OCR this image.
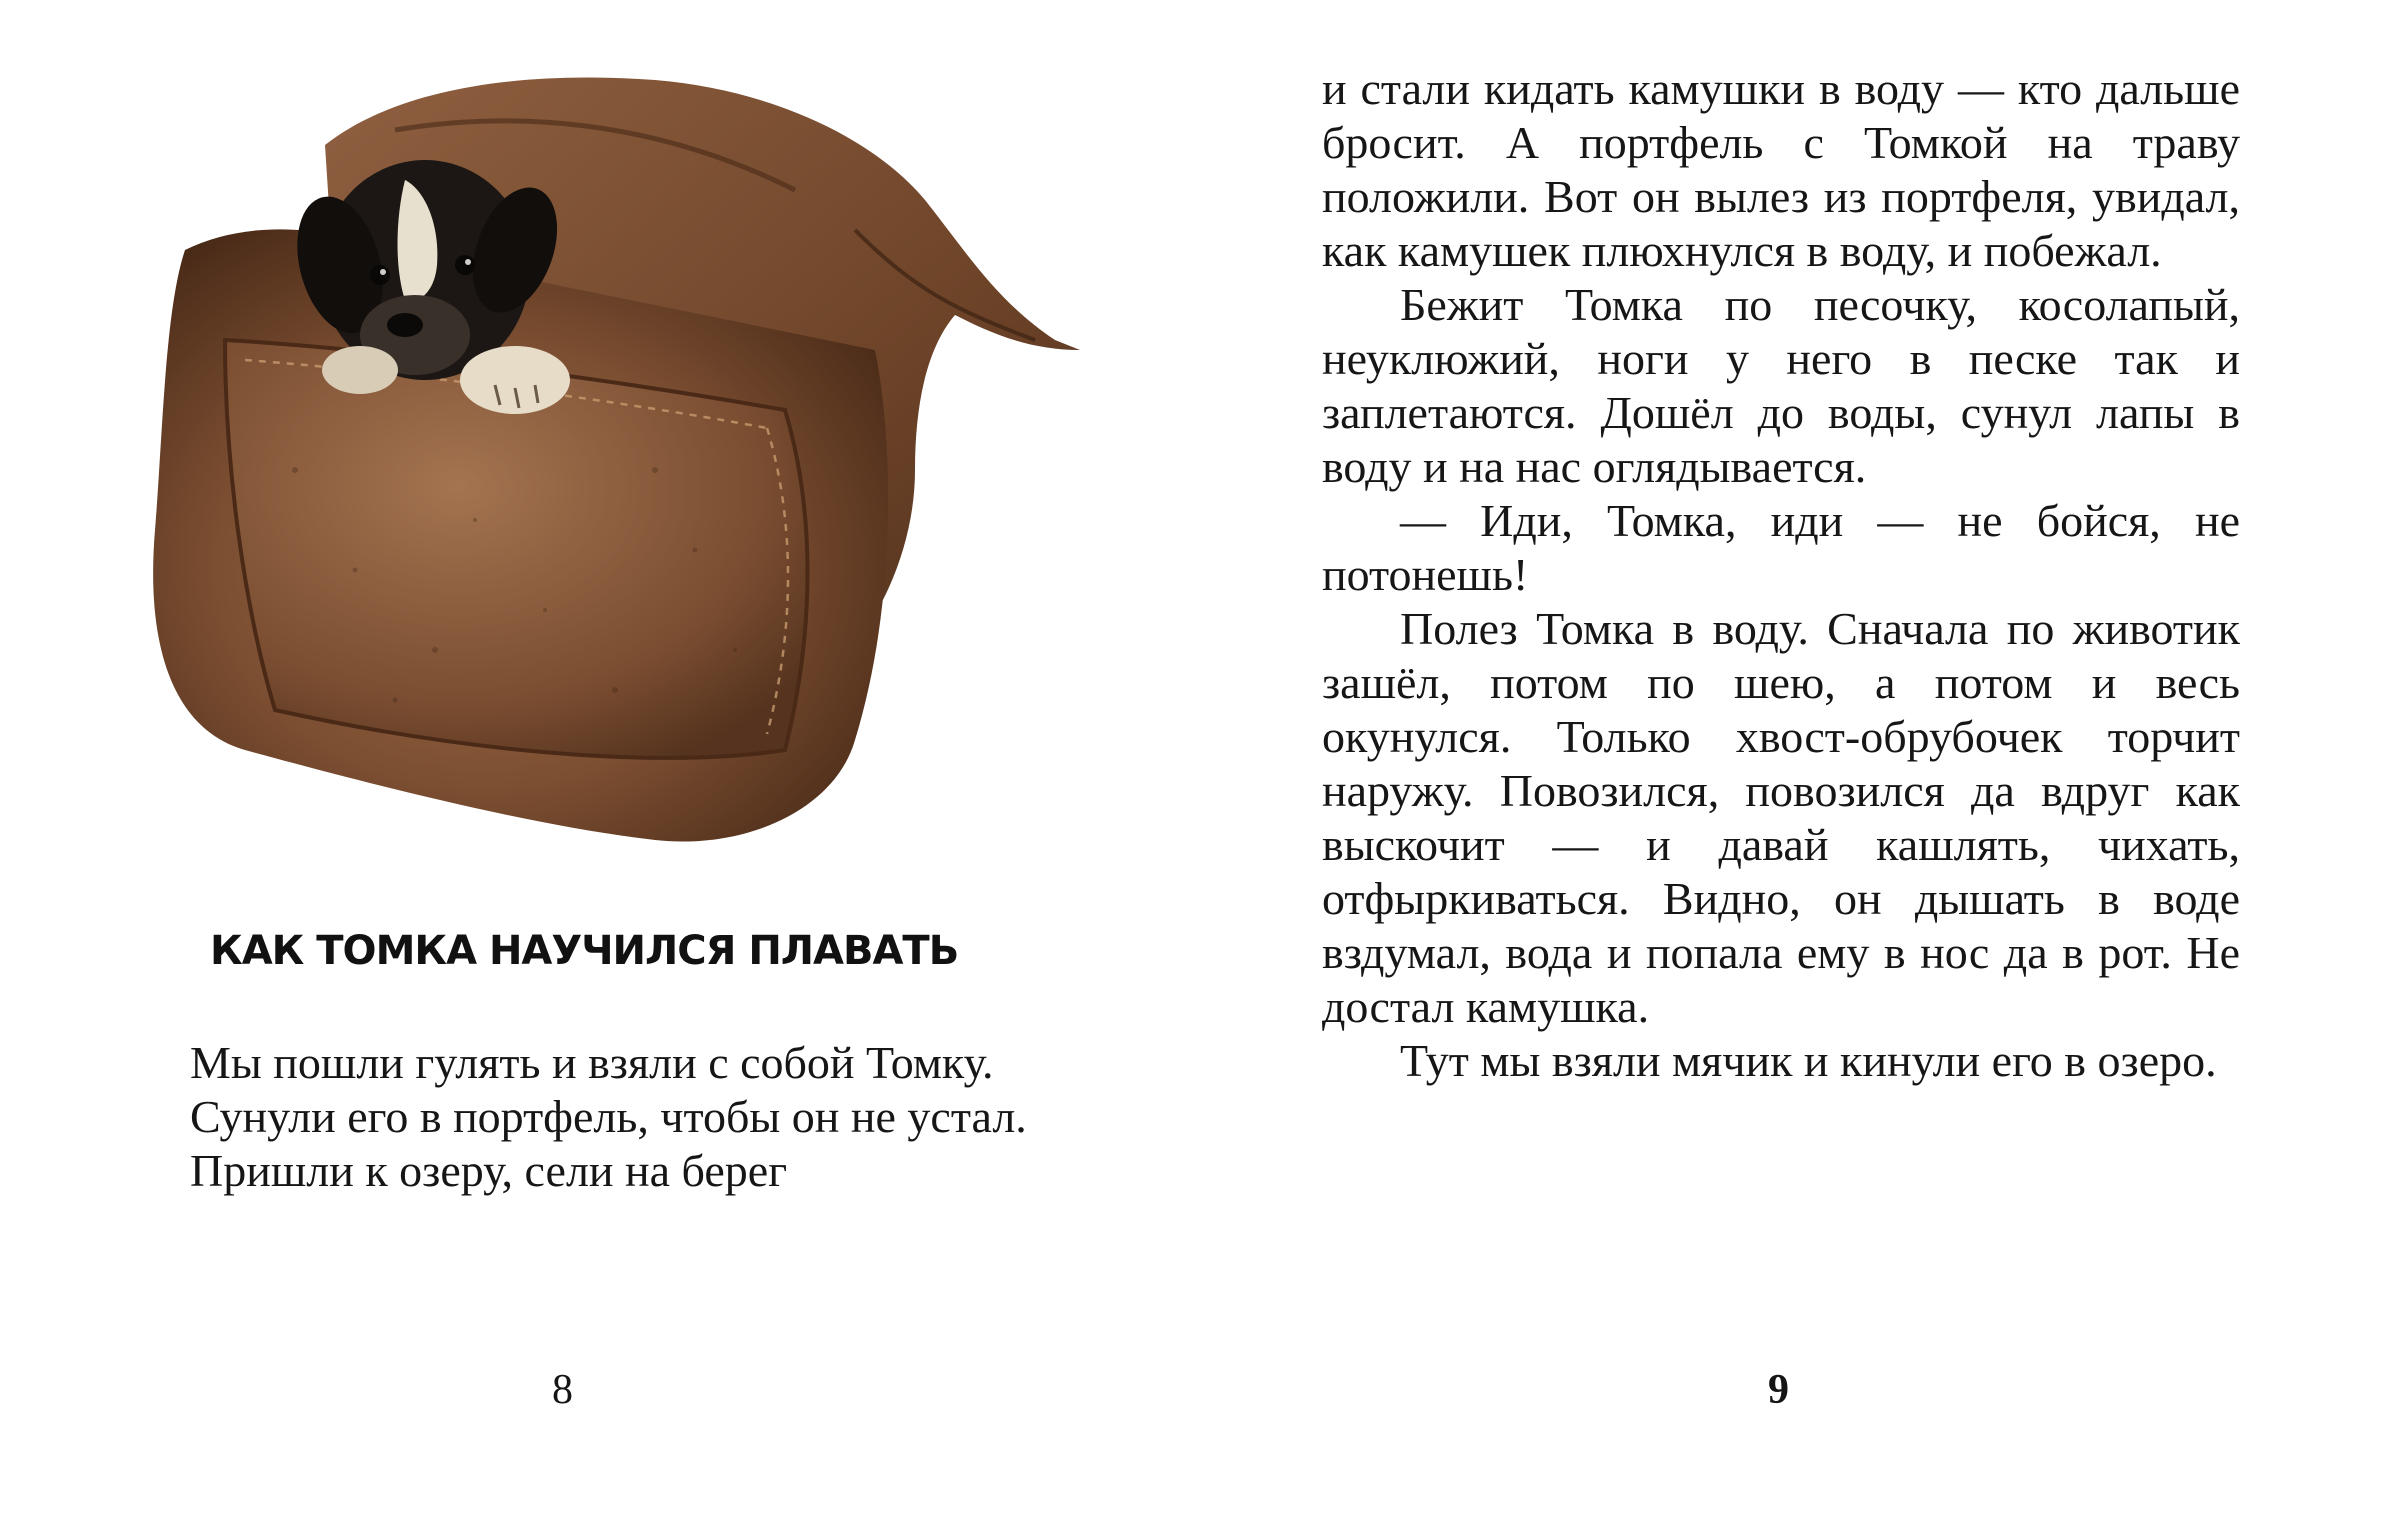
КАК ТОМКА НАУЧИЛСЯ ПЛАВАТЬ

Мы пошли гулять и взяли с собой Томку.

Сунули его в портфель, чтобы он не устал.

Пришли к озеру, сели на берег

8

и стали кидать камушки в воду — кто дальше бросит. А портфель с Томкой на траву положили. Вот он вылез из портфеля, увидал, как камушек плюхнулся в воду, и побежал.

Бежит Томка по песочку, косолапый, неуклюжий, ноги у него в песке так и заплетаются. Дошёл до воды, сунул лапы в воду и на нас оглядывается.

— Иди, Томка, иди — не бойся, не потонешь!

Полез Томка в воду. Сначала по животик зашёл, потом по шею, а потом и весь окунулся. Только хвост-обрубочек торчит наружу. Повозился, повозился да вдруг как выскочит — и давай кашлять, чихать, отфыркиваться. Видно, он дышать в воде вздумал, вода и попала ему в нос да в рот. Не достал камушка.

Тут мы взяли мячик и кинули его в озеро.

9
